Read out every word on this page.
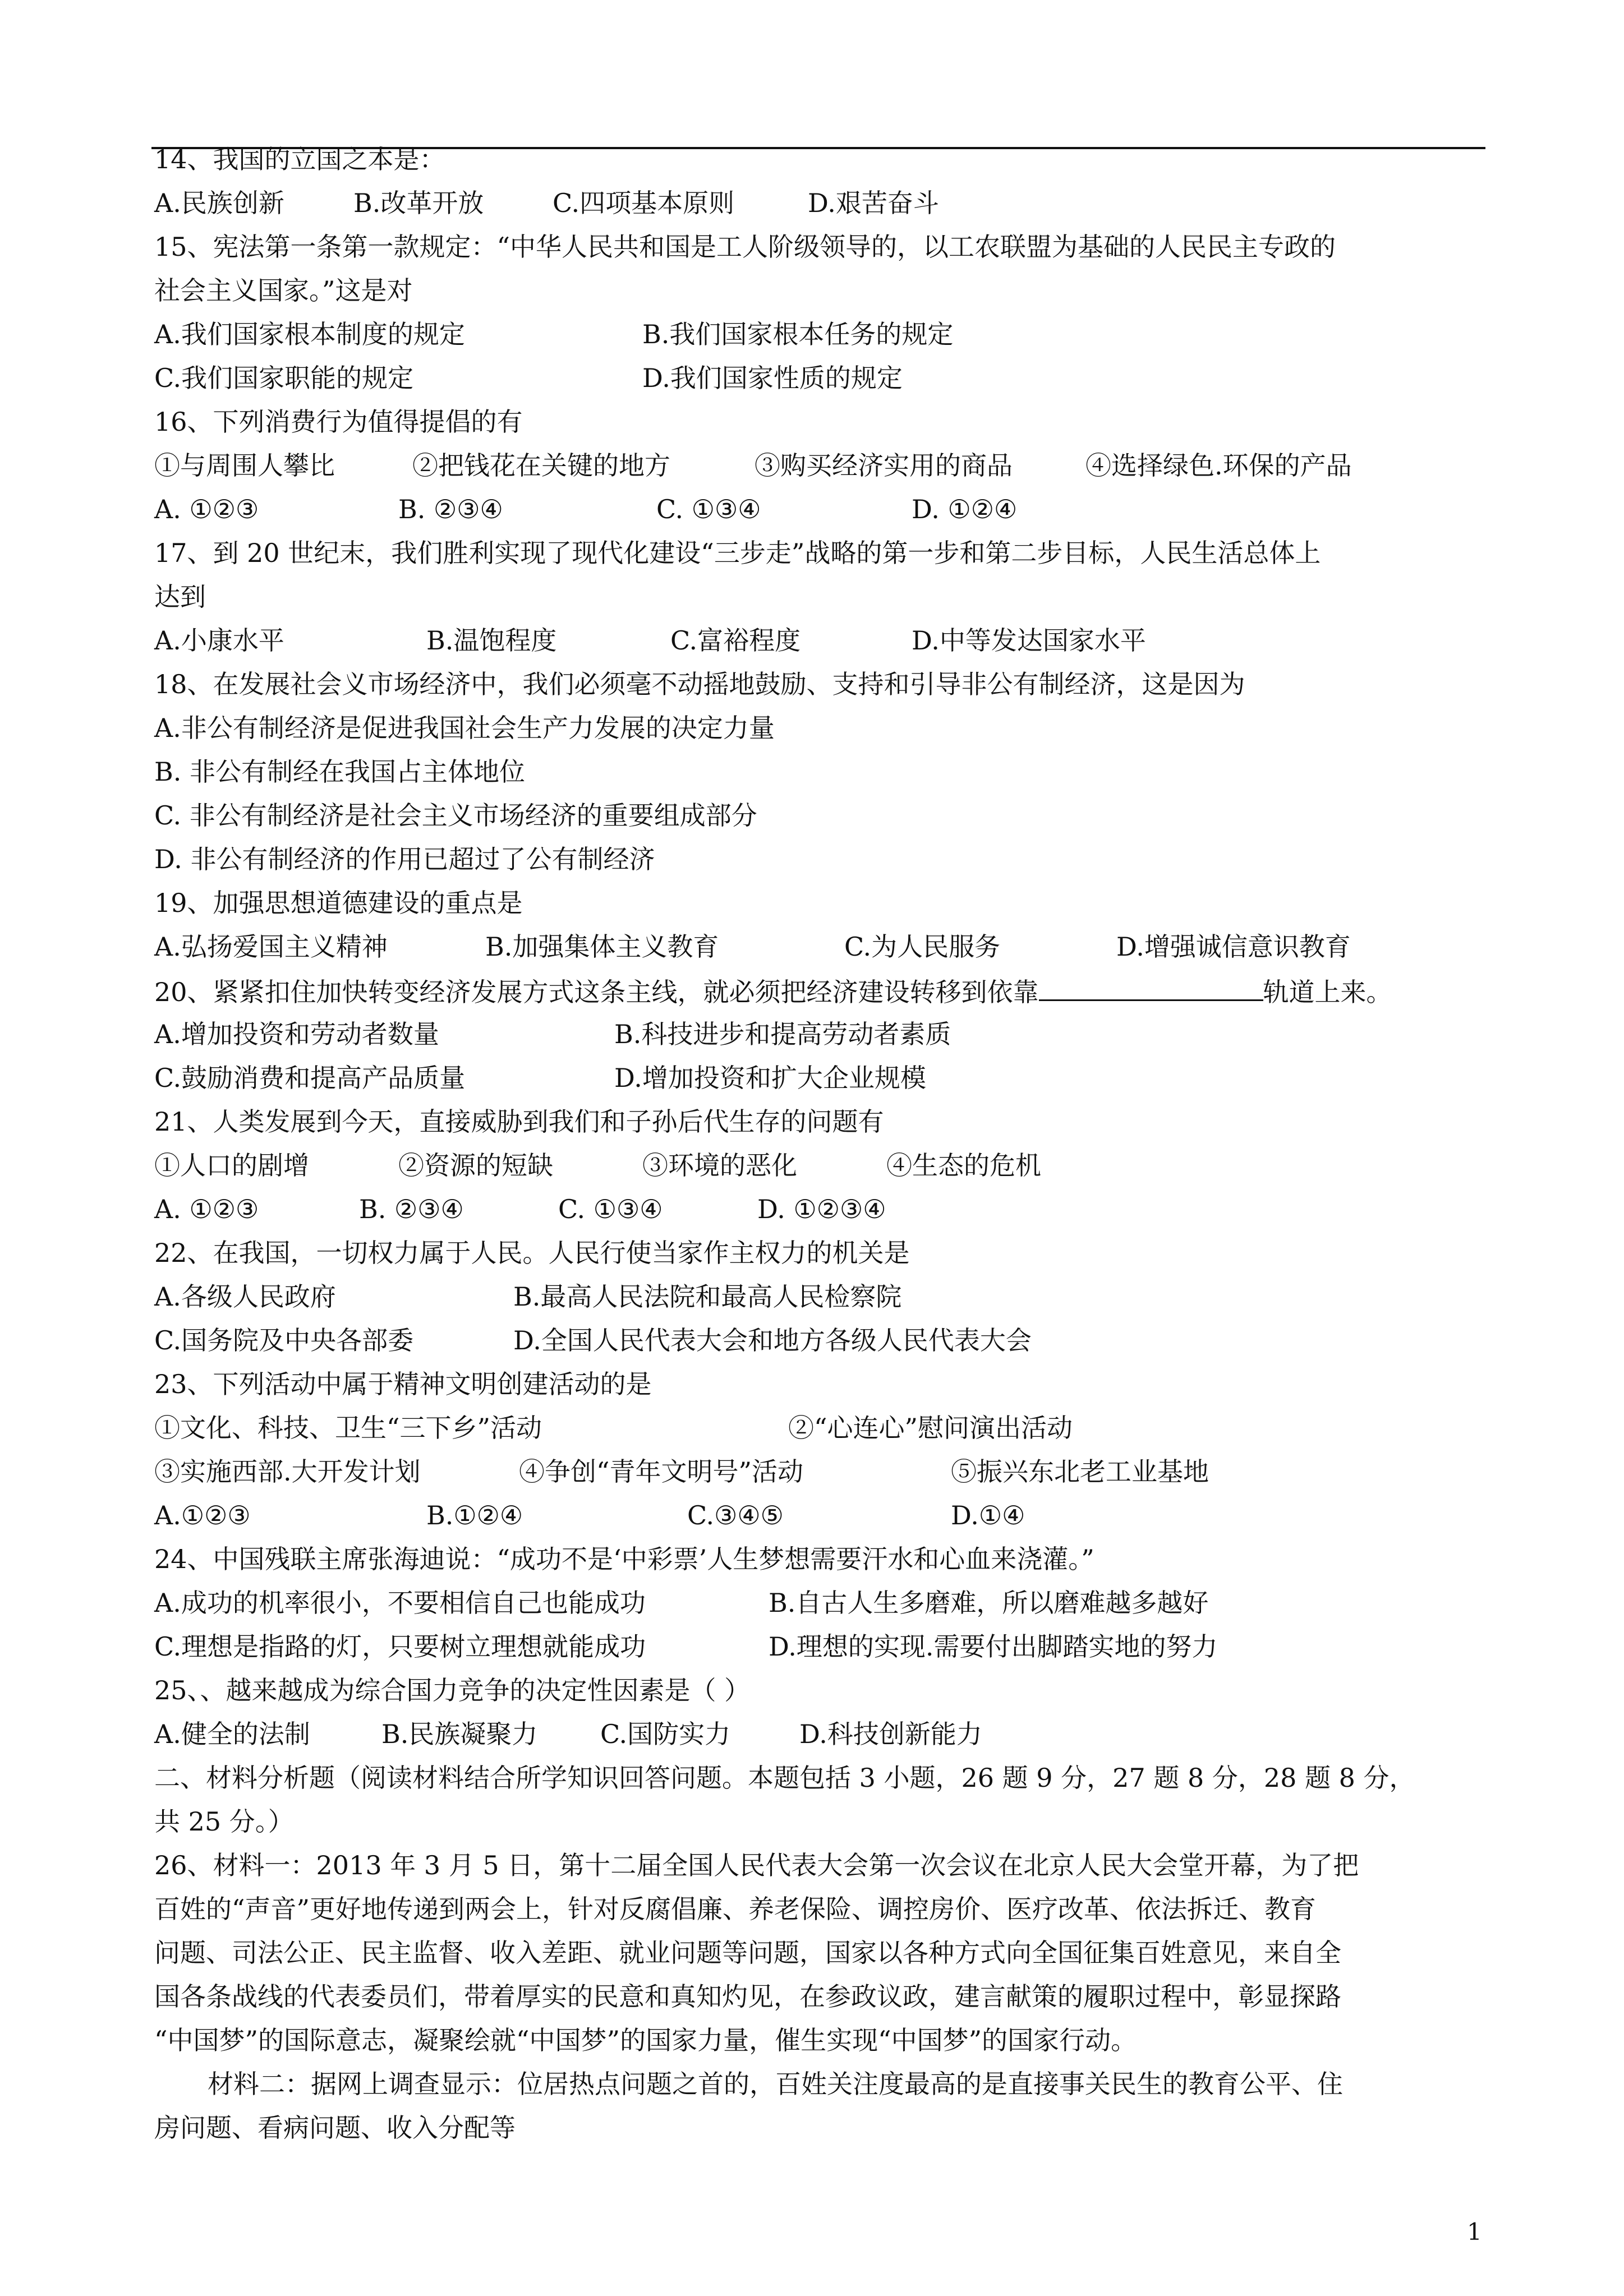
14、我国的立国之本是：
A.民族创新	B.改革开放	C.四项基本原则	D.艰苦奋斗
15、宪法第一条第一款规定：“中华人民共和国是工人阶级领导的，以工农联盟为基础的人民民主专政的
社会主义国家。”这是对
A.我们国家根本制度的规定	B.我们国家根本任务的规定
C.我们国家职能的规定	D.我们国家性质的规定
16、下列消费行为值得提倡的有
①与周围人攀比	②把钱花在关键的地方	③购买经济实用的商品	④选择绿色.环保的产品
A. ①②③	B. ②③④	C. ①③④	D. ①②④
17、到 20 世纪末，我们胜利实现了现代化建设“三步走”战略的第一步和第二步目标，人民生活总体上
达到
A.小康水平	B.温饱程度	C.富裕程度	D.中等发达国家水平
18、在发展社会义市场经济中，我们必须毫不动摇地鼓励、支持和引导非公有制经济，这是因为
A.非公有制经济是促进我国社会生产力发展的决定力量
B. 非公有制经在我国占主体地位
C. 非公有制经济是社会主义市场经济的重要组成部分
D. 非公有制经济的作用已超过了公有制经济
19、加强思想道德建设的重点是
A.弘扬爱国主义精神	B.加强集体主义教育	C.为人民服务	D.增强诚信意识教育
20、紧紧扣住加快转变经济发展方式这条主线，就必须把经济建设转移到依靠	轨道上来。
A.增加投资和劳动者数量	B.科技进步和提高劳动者素质
C.鼓励消费和提高产品质量	D.增加投资和扩大企业规模
21、人类发展到今天，直接威胁到我们和子孙后代生存的问题有
①人口的剧增	②资源的短缺	③环境的恶化	④生态的危机
A. ①②③	B. ②③④	C. ①③④	D. ①②③④
22、在我国，一切权力属于人民。人民行使当家作主权力的机关是
A.各级人民政府	B.最高人民法院和最高人民检察院
C.国务院及中央各部委	D.全国人民代表大会和地方各级人民代表大会
23、下列活动中属于精神文明创建活动的是
①文化、科技、卫生“三下乡”活动	②“心连心”慰问演出活动
③实施西部.大开发计划	④争创“青年文明号”活动	⑤振兴东北老工业基地
A.①②③	B.①②④	C.③④⑤	D.①④
24、中国残联主席张海迪说：“成功不是‘中彩票’人生梦想需要汗水和心血来浇灌。”
A.成功的机率很小，不要相信自己也能成功	B.自古人生多磨难，所以磨难越多越好
C.理想是指路的灯，只要树立理想就能成功	D.理想的实现.需要付出脚踏实地的努力
25、、越来越成为综合国力竞争的决定性因素是（ ）
A.健全的法制	B.民族凝聚力 C.国防实力	D.科技创新能力
二、材料分析题（阅读材料结合所学知识回答问题。本题包括 3 小题，26 题 9 分，27 题 8 分，28 题 8 分，
共 25 分。）
26、材料一：2013 年 3 月 5 日，第十二届全国人民代表大会第一次会议在北京人民大会堂开幕，为了把
百姓的“声音”更好地传递到两会上，针对反腐倡廉、养老保险、调控房价、医疗改革、依法拆迁、教育
问题、司法公正、民主监督、收入差距、就业问题等问题，国家以各种方式向全国征集百姓意见，来自全
国各条战线的代表委员们，带着厚实的民意和真知灼见，在参政议政，建言献策的履职过程中，彰显探路
“中国梦”的国际意志，凝聚绘就“中国梦”的国家力量，催生实现“中国梦”的国家行动。
材料二：据网上调查显示：位居热点问题之首的，百姓关注度最高的是直接事关民生的教育公平、住
房问题、看病问题、收入分配等
1
